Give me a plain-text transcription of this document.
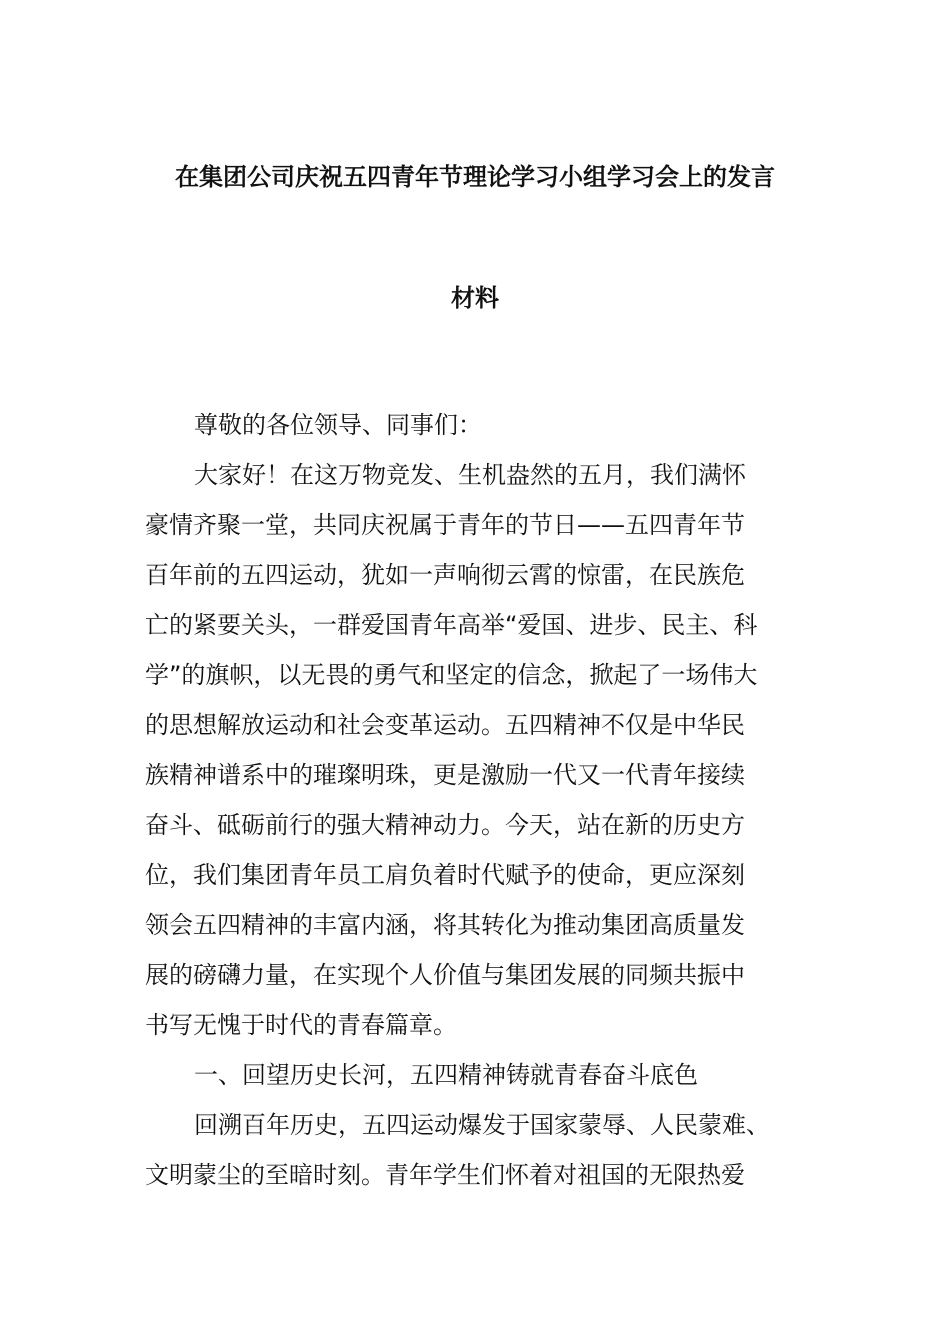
在集团公司庆祝五四青年节理论学习小组学习会上的发言
材料

尊敬的各位领导、同事们：

大家好！在这万物竞发、生机盎然的五月，我们满怀

豪情齐聚一堂，共同庆祝属于青年的节日——五四青年节

百年前的五四运动，犹如一声响彻云霄的惊雷，在民族危

亡的紧要关头，一群爱国青年高举“爱国、进步、民主、科

学”的旗帜，以无畏的勇气和坚定的信念，掀起了一场伟大

的思想解放运动和社会变革运动。五四精神不仅是中华民

族精神谱系中的璀璨明珠，更是激励一代又一代青年接续

奋斗、砥砺前行的强大精神动力。今天，站在新的历史方

位，我们集团青年员工肩负着时代赋予的使命，更应深刻

领会五四精神的丰富内涵，将其转化为推动集团高质量发

展的磅礴力量，在实现个人价值与集团发展的同频共振中

书写无愧于时代的青春篇章。

一、回望历史长河，五四精神铸就青春奋斗底色

回溯百年历史，五四运动爆发于国家蒙辱、人民蒙难、

文明蒙尘的至暗时刻。青年学生们怀着对祖国的无限热爱
